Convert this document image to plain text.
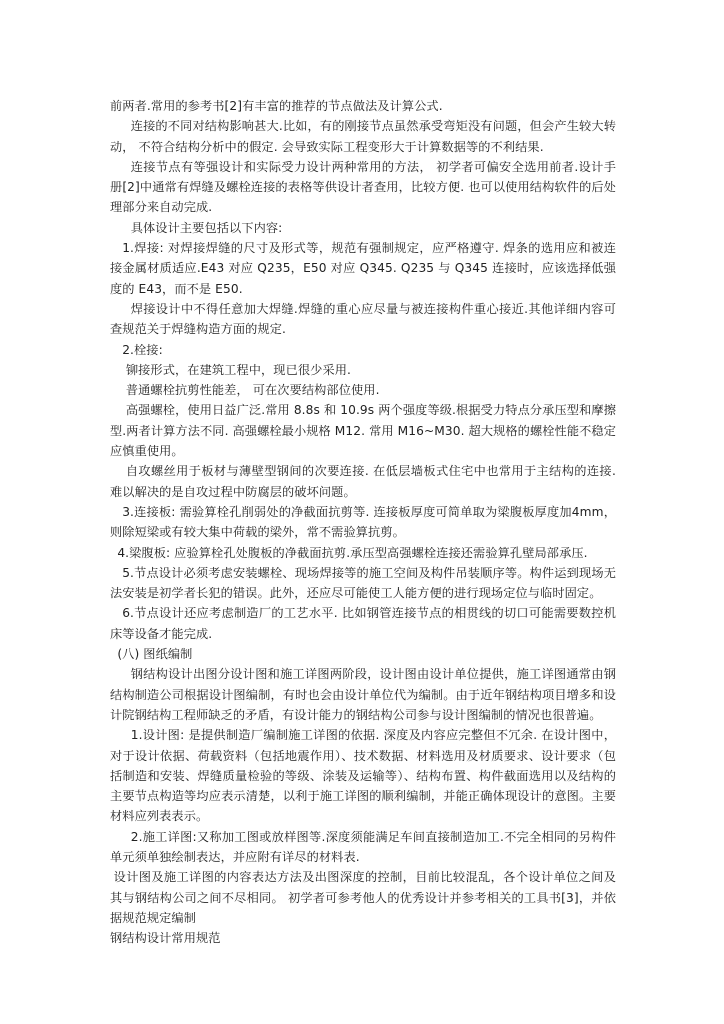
前两者.常用的参考书[2]有丰富的推荐的节点做法及计算公式.

连接的不同对结构影响甚大.比如，有的刚接节点虽然承受弯矩没有问题，但会产生较大转动， 不符合结构分析中的假定. 会导致实际工程变形大于计算数据等的不利结果.

连接节点有等强设计和实际受力设计两种常用的方法， 初学者可偏安全选用前者.设计手册[2]中通常有焊缝及螺栓连接的表格等供设计者查用，比较方便. 也可以使用结构软件的后处理部分来自动完成.

具体设计主要包括以下内容:

1.焊接: 对焊接焊缝的尺寸及形式等，规范有强制规定，应严格遵守. 焊条的选用应和被连接金属材质适应.E43 对应 Q235，E50 对应 Q345. Q235 与 Q345 连接时，应该选择低强度的 E43，而不是 E50.

焊接设计中不得任意加大焊缝.焊缝的重心应尽量与被连接构件重心接近.其他详细内容可查规范关于焊缝构造方面的规定.

2.栓接:

铆接形式，在建筑工程中，现已很少采用.

普通螺栓抗剪性能差， 可在次要结构部位使用.

高强螺栓，使用日益广泛.常用 8.8s 和 10.9s 两个强度等级.根据受力特点分承压型和摩擦型.两者计算方法不同. 高强螺栓最小规格 M12. 常用 M16~M30. 超大规格的螺栓性能不稳定应慎重使用。

自攻螺丝用于板材与薄壁型钢间的次要连接. 在低层墙板式住宅中也常用于主结构的连接. 难以解决的是自攻过程中防腐层的破坏问题。

3.连接板: 需验算栓孔削弱处的净截面抗剪等. 连接板厚度可简单取为梁腹板厚度加4mm，则除短梁或有较大集中荷载的梁外，常不需验算抗剪。

4.梁腹板: 应验算栓孔处腹板的净截面抗剪.承压型高强螺栓连接还需验算孔壁局部承压.

5.节点设计必须考虑安装螺栓、现场焊接等的施工空间及构件吊装顺序等。构件运到现场无法安装是初学者长犯的错误。此外，还应尽可能使工人能方便的进行现场定位与临时固定。

6.节点设计还应考虑制造厂的工艺水平. 比如钢管连接节点的相贯线的切口可能需要数控机床等设备才能完成.

(八) 图纸编制

钢结构设计出图分设计图和施工详图两阶段，设计图由设计单位提供，施工详图通常由钢结构制造公司根据设计图编制，有时也会由设计单位代为编制。由于近年钢结构项目增多和设计院钢结构工程师缺乏的矛盾，有设计能力的钢结构公司参与设计图编制的情况也很普遍。

1.设计图: 是提供制造厂编制施工详图的依据. 深度及内容应完整但不冗余. 在设计图中，对于设计依据、荷载资料（包括地震作用）、技术数据、材料选用及材质要求、设计要求（包括制造和安装、焊缝质量检验的等级、涂装及运输等）、结构布置、构件截面选用以及结构的主要节点构造等均应表示清楚，以利于施工详图的顺利编制，并能正确体现设计的意图。主要材料应列表表示。

2.施工详图:又称加工图或放样图等.深度须能满足车间直接制造加工.不完全相同的另构件单元须单独绘制表达，并应附有详尽的材料表.

设计图及施工详图的内容表达方法及出图深度的控制，目前比较混乱，各个设计单位之间及其与钢结构公司之间不尽相同。 初学者可参考他人的优秀设计并参考相关的工具书[3]，并依据规范规定编制

钢结构设计常用规范
